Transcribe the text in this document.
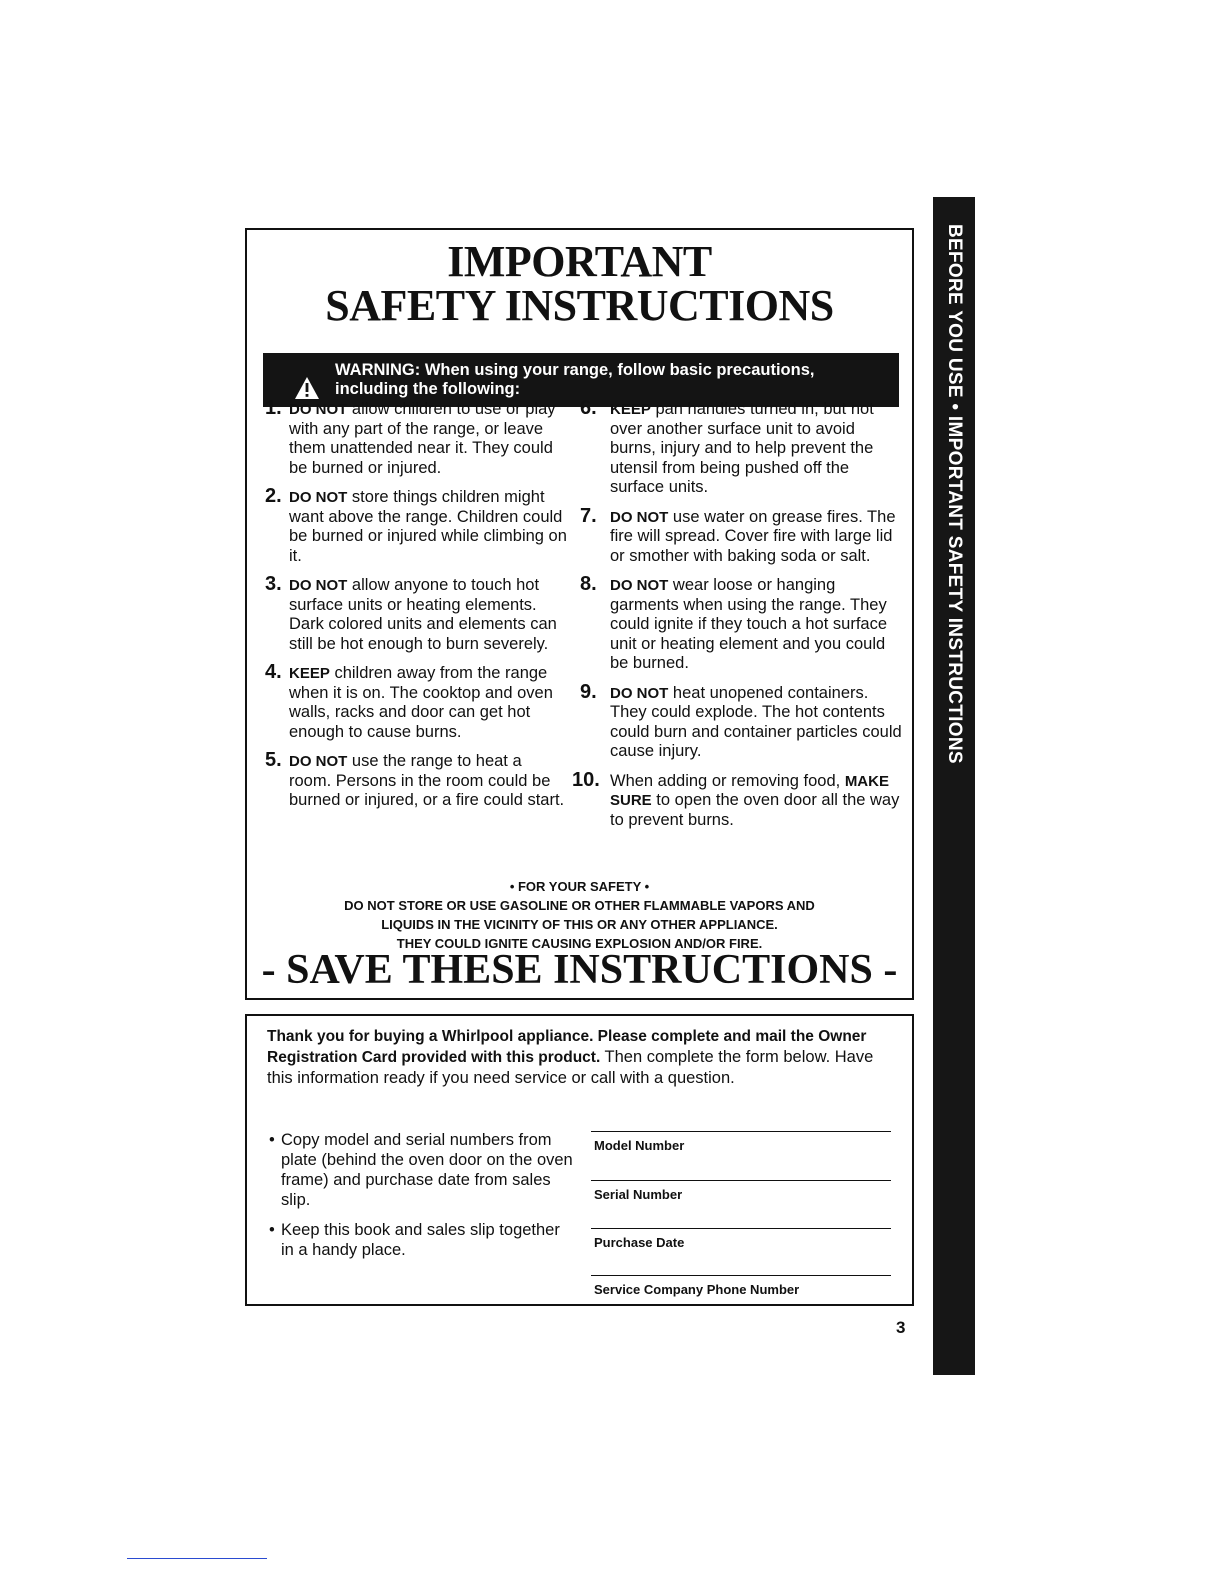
BEFORE YOU USE • IMPORTANT SAFETY INSTRUCTIONS
IMPORTANT
SAFETY INSTRUCTIONS
WARNING: When using your range, follow basic precautions,
including the following:
1. DO NOT allow children to use or play with any part of the range, or leave them unattended near it. They could be burned or injured.
2. DO NOT store things children might want above the range. Children could be burned or injured while climbing on it.
3. DO NOT allow anyone to touch hot surface units or heating elements. Dark colored units and elements can still be hot enough to burn severely.
4. KEEP children away from the range when it is on. The cooktop and oven walls, racks and door can get hot enough to cause burns.
5. DO NOT use the range to heat a room. Persons in the room could be burned or injured, or a fire could start.
6. KEEP pan handles turned in, but not over another surface unit to avoid burns, injury and to help prevent the utensil from being pushed off the surface units.
7. DO NOT use water on grease fires. The fire will spread. Cover fire with large lid or smother with baking soda or salt.
8. DO NOT wear loose or hanging garments when using the range. They could ignite if they touch a hot surface unit or heating element and you could be burned.
9. DO NOT heat unopened containers. They could explode. The hot contents could burn and container particles could cause injury.
10. When adding or removing food, MAKE SURE to open the oven door all the way to prevent burns.
• FOR YOUR SAFETY •
DO NOT STORE OR USE GASOLINE OR OTHER FLAMMABLE VAPORS AND
LIQUIDS IN THE VICINITY OF THIS OR ANY OTHER APPLIANCE.
THEY COULD IGNITE CAUSING EXPLOSION AND/OR FIRE.
- SAVE THESE INSTRUCTIONS -
Thank you for buying a Whirlpool appliance. Please complete and mail the Owner Registration Card provided with this product. Then complete the form below. Have this information ready if you need service or call with a question.
• Copy model and serial numbers from plate (behind the oven door on the oven frame) and purchase date from sales slip.
• Keep this book and sales slip together in a handy place.
Model Number
Serial Number
Purchase Date
Service Company Phone Number
3
